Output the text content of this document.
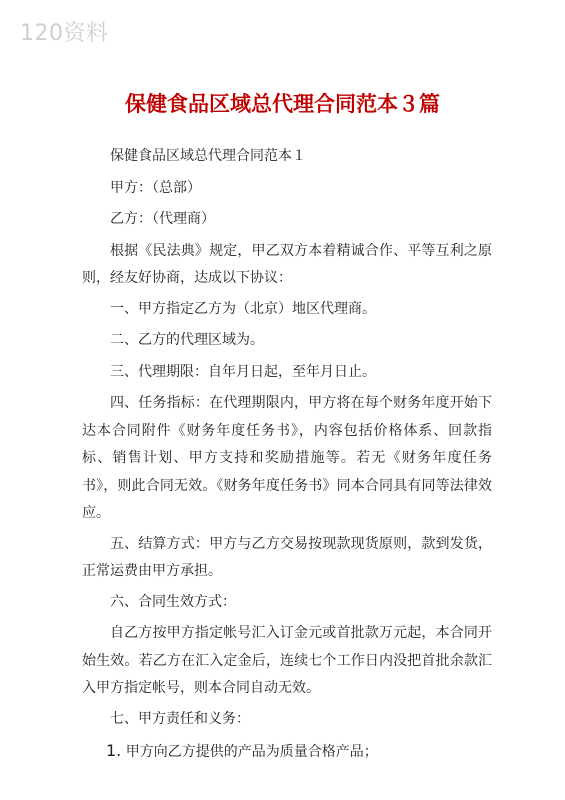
120资料
保健食品区域总代理合同范本３篇

保健食品区域总代理合同范本１

甲方：（总部）

乙方：（代理商）

根据《民法典》规定，甲乙双方本着精诚合作、平等互利之原则，经友好协商，达成以下协议：

一、甲方指定乙方为（北京）地区代理商。

二、乙方的代理区域为。

三、代理期限：自年月日起，至年月日止。

四、任务指标：在代理期限内，甲方将在每个财务年度开始下达本合同附件《财务年度任务书》，内容包括价格体系、回款指标、销售计划、甲方支持和奖励措施等。若无《财务年度任务书》，则此合同无效。《财务年度任务书》同本合同具有同等法律效应。

五、结算方式：甲方与乙方交易按现款现货原则，款到发货，正常运费由甲方承担。

六、合同生效方式：

自乙方按甲方指定帐号汇入订金元或首批款万元起，本合同开始生效。若乙方在汇入定金后，连续七个工作日内没把首批余款汇入甲方指定帐号，则本合同自动无效。

七、甲方责任和义务：

1. 甲方向乙方提供的产品为质量合格产品；
